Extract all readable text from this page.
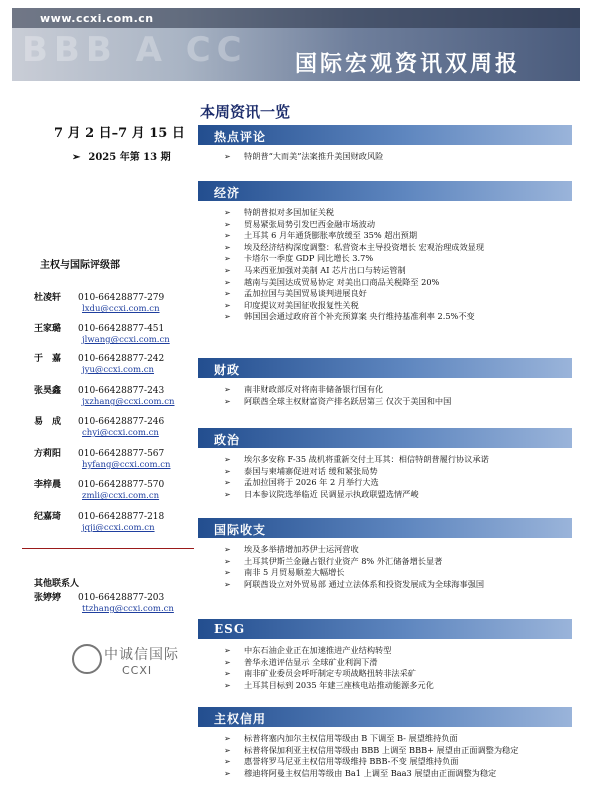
www.ccxi.com.cn
BBB A CC 国际宏观资讯双周报
7 月 2 日–7 月 15 日
➢ 2025 年第 13 期
主权与国际评级部
杜凌轩 010-66428877-279
lxdu@ccxi.com.cn
王家璐 010-66428877-451
jlwang@ccxi.com.cn
于　嘉 010-66428877-242
jyu@ccxi.com.cn
张昊鑫 010-66428877-243
jxzhang@ccxi.com.cn
易　成 010-66428877-246
chyi@ccxi.com.cn
方莉阳 010-66428877-567
hyfang@ccxi.com.cn
李梓晨 010-66428877-570
zmli@ccxi.com.cn
纪嘉琦 010-66428877-218
jqji@ccxi.com.cn
其他联系人
张婷婷 010-66428877-203
ttzhang@ccxi.com.cn
中诚信国际
CCXI
本周资讯一览
热点评论
➢ 特朗普“大而美”法案推升美国财政风险
经济
➢ 特朗普拟对多国加征关税
➢ 贸易紧张局势引发巴西金融市场波动
➢ 土耳其 6 月年通货膨胀率放缓至 35% 超出预期
➢ 埃及经济结构深度调整：私营资本主导投资增长 宏观治理成效显现
➢ 卡塔尔一季度 GDP 同比增长 3.7%
➢ 马来西亚加强对美制 AI 芯片出口与转运管制
➢ 越南与美国达成贸易协定 对美出口商品关税降至 20%
➢ 孟加拉国与美国贸易谈判进展良好
➢ 印度提议对美国征收报复性关税
➢ 韩国国会通过政府首个补充预算案 央行维持基准利率 2.5%不变
财政
➢ 南非财政部反对将南非储备银行国有化
➢ 阿联酋全球主权财富资产排名跃居第三 仅次于美国和中国
政治
➢ 埃尔多安称 F-35 战机将重新交付土耳其：相信特朗普履行协议承诺
➢ 泰国与柬埔寨促进对话 缓和紧张局势
➢ 孟加拉国将于 2026 年 2 月举行大选
➢ 日本参议院选举临近 民调显示执政联盟选情严峻
国际收支
➢ 埃及多举措增加苏伊士运河营收
➢ 土耳其伊斯兰金融占银行业资产 8% 外汇储备增长显著
➢ 南非 5 月贸易顺差大幅增长
➢ 阿联酋设立对外贸易部 通过立法体系和投资发展成为全球海事强国
ESG
➢ 中东石油企业正在加速推进产业结构转型
➢ 普华永道评估显示 全球矿业利润下滑
➢ 南非矿业委员会呼吁制定专项战略扭转非法采矿
➢ 土耳其目标到 2035 年建三座核电站推动能源多元化
主权信用
➢ 标普将塞内加尔主权信用等级由 B 下调至 B- 展望维持负面
➢ 标普将保加利亚主权信用等级由 BBB 上调至 BBB+ 展望由正面调整为稳定
➢ 惠誉将罗马尼亚主权信用等级维持 BBB-不变 展望维持负面
➢ 穆迪将阿曼主权信用等级由 Ba1 上调至 Baa3 展望由正面调整为稳定
